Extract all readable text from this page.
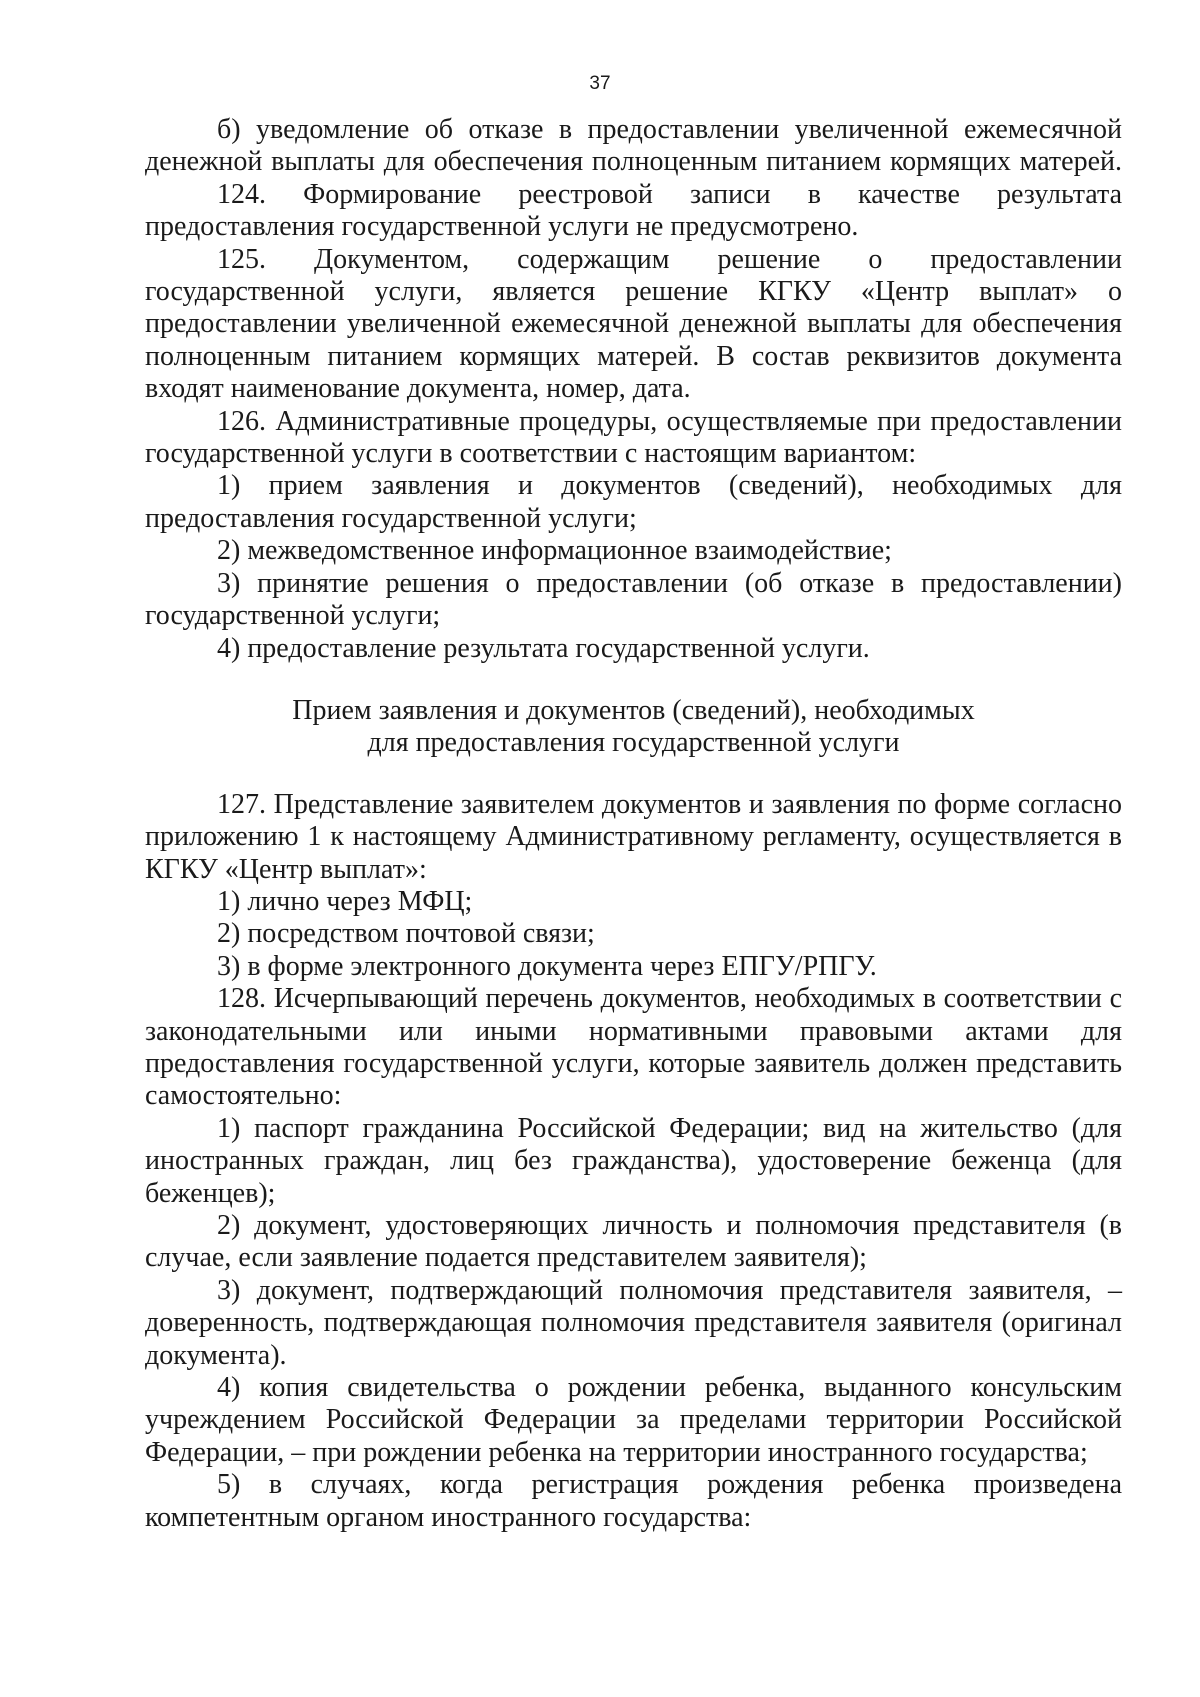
37

б) уведомление об отказе в предоставлении увеличенной ежемесячной денежной выплаты для обеспечения полноценным питанием кормящих матерей.

124. Формирование реестровой записи в качестве результата предоставления государственной услуги не предусмотрено.

125. Документом, содержащим решение о предоставлении государственной услуги, является решение КГКУ «Центр выплат» о предоставлении увеличенной ежемесячной денежной выплаты для обеспечения полноценным питанием кормящих матерей. В состав реквизитов документа входят наименование документа, номер, дата.

126. Административные процедуры, осуществляемые при предоставлении государственной услуги в соответствии с настоящим вариантом:

1) прием заявления и документов (сведений), необходимых для предоставления государственной услуги;

2) межведомственное информационное взаимодействие;

3) принятие решения о предоставлении (об отказе в предоставлении) государственной услуги;

4) предоставление результата государственной услуги.

Прием заявления и документов (сведений), необходимых
для предоставления государственной услуги

127. Представление заявителем документов и заявления по форме согласно приложению 1 к настоящему Административному регламенту, осуществляется в КГКУ «Центр выплат»:

1) лично через МФЦ;

2) посредством почтовой связи;

3) в форме электронного документа через ЕПГУ/РПГУ.

128. Исчерпывающий перечень документов, необходимых в соответствии с законодательными или иными нормативными правовыми актами для предоставления государственной услуги, которые заявитель должен представить самостоятельно:

1) паспорт гражданина Российской Федерации; вид на жительство (для иностранных граждан, лиц без гражданства), удостоверение беженца (для беженцев);

2) документ, удостоверяющих личность и полномочия представителя (в случае, если заявление подается представителем заявителя);

3) документ, подтверждающий полномочия представителя заявителя, – доверенность, подтверждающая полномочия представителя заявителя (оригинал документа).

4) копия свидетельства о рождении ребенка, выданного консульским учреждением Российской Федерации за пределами территории Российской Федерации, – при рождении ребенка на территории иностранного государства;

5) в случаях, когда регистрация рождения ребенка произведена компетентным органом иностранного государства:
